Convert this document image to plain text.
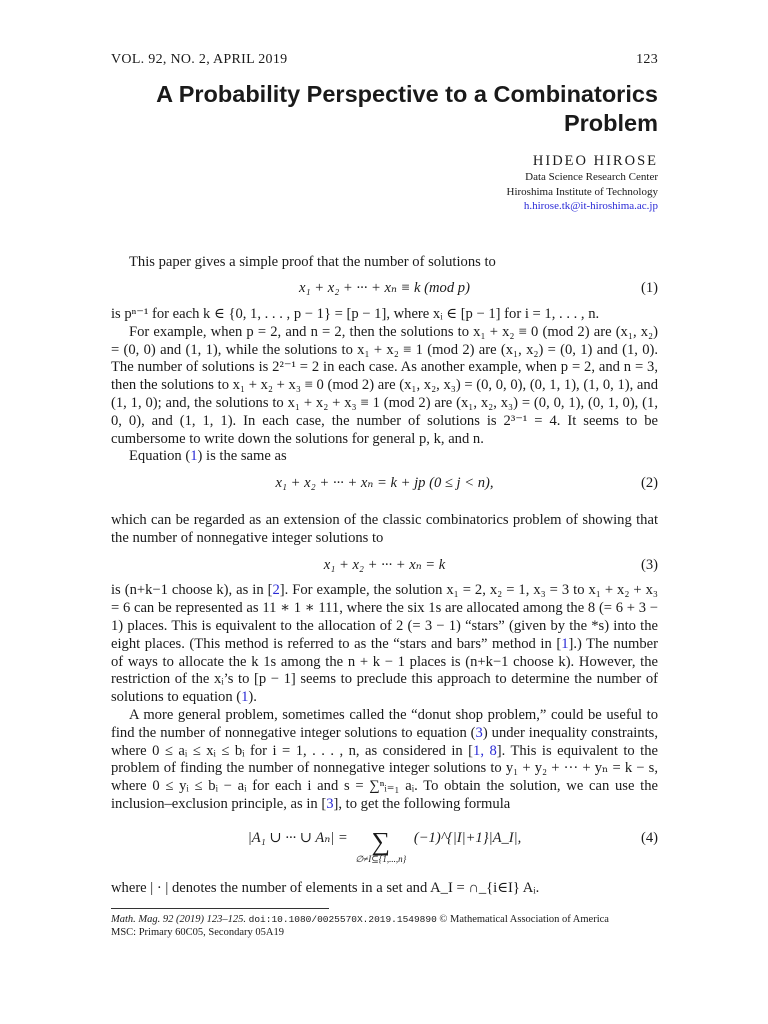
VOL. 92, NO. 2, APRIL 2019	123
A Probability Perspective to a Combinatorics Problem
HIDEO HIROSE
Data Science Research Center
Hiroshima Institute of Technology
h.hirose.tk@it-hiroshima.ac.jp

This paper gives a simple proof that the number of solutions to

x₁ + x₂ + ··· + xₙ ≡ k (mod p)	(1)

is pⁿ⁻¹ for each k ∈ {0, 1, . . . , p − 1} = [p − 1], where xᵢ ∈ [p − 1] for i = 1, . . . , n.

For example, when p = 2, and n = 2, then the solutions to x₁ + x₂ ≡ 0 (mod 2) are (x₁, x₂) = (0, 0) and (1, 1), while the solutions to x₁ + x₂ ≡ 1 (mod 2) are (x₁, x₂) = (0, 1) and (1, 0). The number of solutions is 2²⁻¹ = 2 in each case. As another example, when p = 2, and n = 3, then the solutions to x₁ + x₂ + x₃ ≡ 0 (mod 2) are (x₁, x₂, x₃) = (0, 0, 0), (0, 1, 1), (1, 0, 1), and (1, 1, 0); and, the solutions to x₁ + x₂ + x₃ ≡ 1 (mod 2) are (x₁, x₂, x₃) = (0, 0, 1), (0, 1, 0), (1, 0, 0), and (1, 1, 1). In each case, the number of solutions is 2³⁻¹ = 4. It seems to be cumbersome to write down the solutions for general p, k, and n.

Equation (1) is the same as

x₁ + x₂ + ··· + xₙ = k + jp (0 ≤ j < n),	(2)

which can be regarded as an extension of the classic combinatorics problem of showing that the number of nonnegative integer solutions to

x₁ + x₂ + ··· + xₙ = k	(3)

is (n+k−1 choose k), as in [2]. For example, the solution x₁ = 2, x₂ = 1, x₃ = 3 to x₁ + x₂ + x₃ = 6 can be represented as 11 ∗ 1 ∗ 111, where the six 1s are allocated among the 8 (= 6 + 3 − 1) places. This is equivalent to the allocation of 2 (= 3 − 1) “stars” (given by the *s) into the eight places. (This method is referred to as the “stars and bars” method in [1].) The number of ways to allocate the k 1s among the n + k − 1 places is (n+k−1 choose k). However, the restriction of the xᵢ’s to [p − 1] seems to preclude this approach to determine the number of solutions to equation (1).

A more general problem, sometimes called the “donut shop problem,” could be useful to find the number of nonnegative integer solutions to equation (3) under inequality constraints, where 0 ≤ aᵢ ≤ xᵢ ≤ bᵢ for i = 1, . . . , n, as considered in [1, 8]. This is equivalent to the problem of finding the number of nonnegative integer solutions to y₁ + y₂ + ··· + yₙ = k − s, where 0 ≤ yᵢ ≤ bᵢ − aᵢ for each i and s = ∑ⁿᵢ₌₁ aᵢ. To obtain the solution, we can use the inclusion–exclusion principle, as in [3], to get the following formula

|A₁ ∪ ··· ∪ Aₙ| = ∑
∅≠I⊆{1,...,n}
(−1)^{|I|+1}|A_I|,	(4)

where | · | denotes the number of elements in a set and A_I = ∩_{i∈I} Aᵢ.

Math. Mag. 92 (2019) 123–125. doi:10.1080/0025570X.2019.1549890 © Mathematical Association of America
MSC: Primary 60C05, Secondary 05A19
